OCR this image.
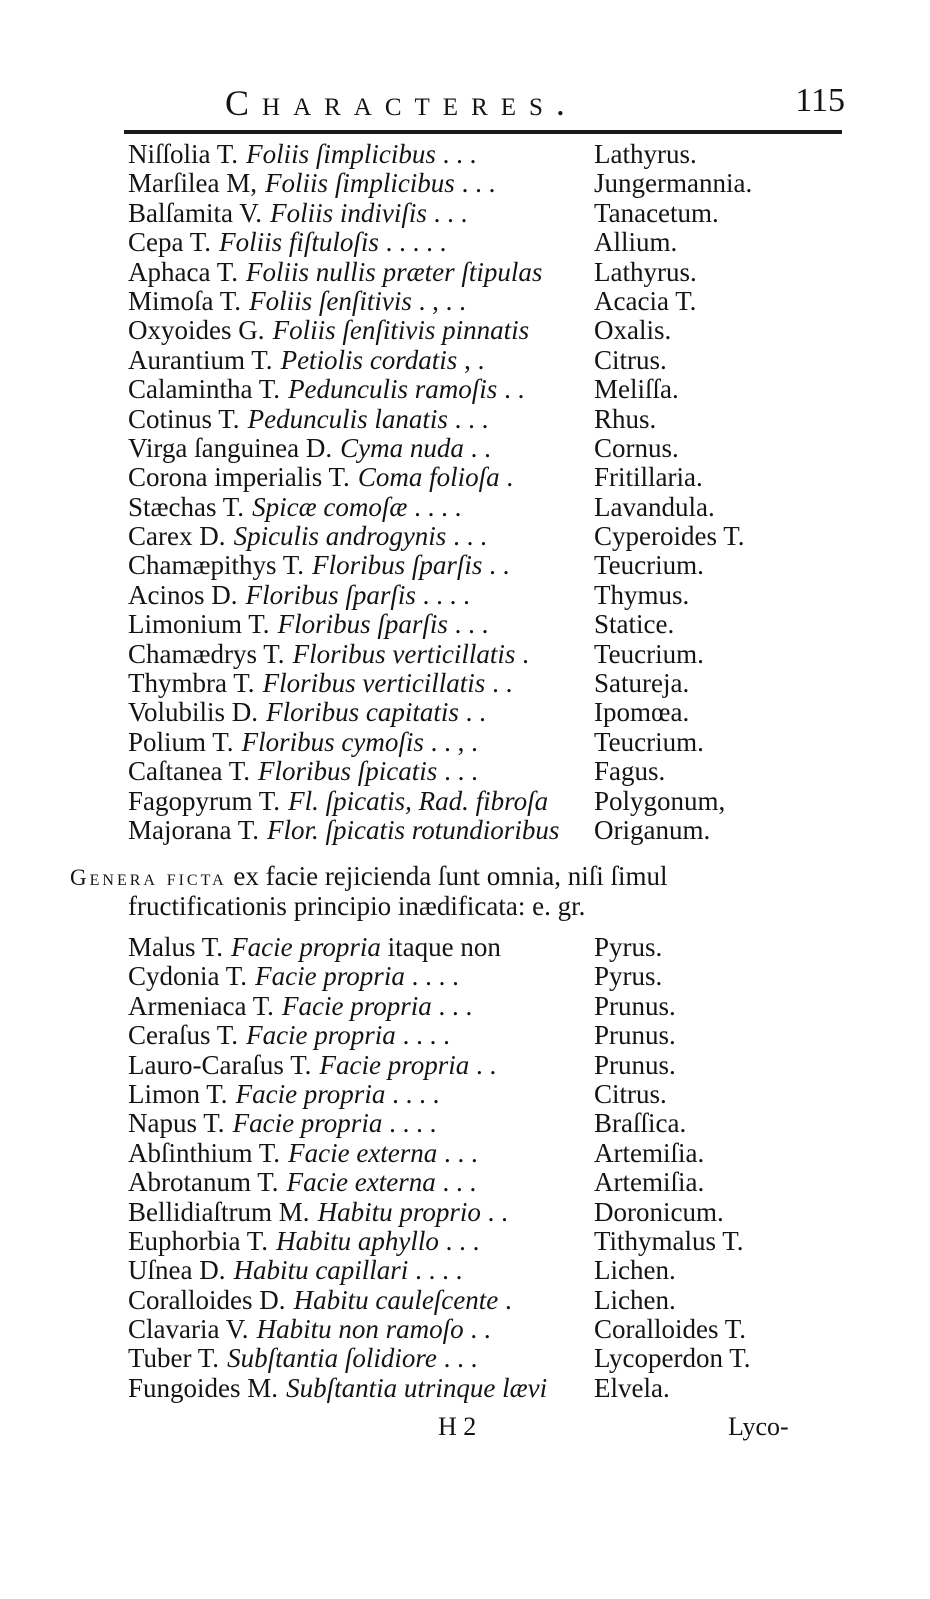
Characteres.	115
Niſſolia T. Foliis ſimplicibus . . .	Lathyrus.
Marſilea M, Foliis ſimplicibus . . .	Jungermannia.
Balſamita V. Foliis indiviſis . . .	Tanacetum.
Cepa T. Foliis fiſtuloſis . . . . .	Allium.
Aphaca T. Foliis nullis præter ſtipulas Lathyrus.
Mimoſa T. Foliis ſenſitivis . , . .	Acacia T.
Oxyoides G. Foliis ſenſitivis pinnatis Oxalis.
Aurantium T. Petiolis cordatis , .	Citrus.
Calamintha T. Pedunculis ramoſis . .	Meliſſa.
Cotinus T. Pedunculis lanatis . . .	Rhus.
Virga ſanguinea D. Cyma nuda . .	Cornus.
Corona imperialis T. Coma folioſa .	Fritillaria.
Stæchas T. Spicæ comoſæ . . . .	Lavandula.
Carex D. Spiculis androgynis . . .	Cyperoides T.
Chamæpithys T. Floribus ſparſis . .	Teucrium.
Acinos D. Floribus ſparſis . . . .	Thymus.
Limonium T. Floribus ſparſis . . .	Statice.
Chamædrys T. Floribus verticillatis . Teucrium.
Thymbra T. Floribus verticillatis . .	Satureja.
Volubilis D. Floribus capitatis . .	Ipomœa.
Polium T. Floribus cymoſis . . , .	Teucrium.
Caſtanea T. Floribus ſpicatis . . .	Fagus.
Fagopyrum T. Fl. ſpicatis, Rad. fibroſa Polygonum,
Majorana T. Flor. ſpicatis rotundioribus Origanum.
Genera ficta ex facie rejicienda ſunt omnia, niſi ſimul
fructificationis principio inædificata: e. gr.
Malus T. Facie propria itaque non	Pyrus.
Cydonia T. Facie propria . . . .	Pyrus.
Armeniaca T. Facie propria . . .	Prunus.
Ceraſus T. Facie propria . . . .	Prunus.
Lauro-Caraſus T. Facie propria . .	Prunus.
Limon T. Facie propria . . . .	Citrus.
Napus T. Facie propria . . . .	Braſſica.
Abſinthium T. Facie externa . . .	Artemiſia.
Abrotanum T. Facie externa . . .	Artemiſia.
Bellidiaſtrum M. Habitu proprio . .	Doronicum.
Euphorbia T. Habitu aphyllo . . .	Tithymalus T.
Uſnea D. Habitu capillari . . . .	Lichen.
Coralloides D. Habitu cauleſcente .	Lichen.
Clavaria V. Habitu non ramoſo . .	Coralloides T.
Tuber T. Subſtantia ſolidiore . . .	Lycoperdon T.
Fungoides M. Subſtantia utrinque lævi Elvela.
H 2	Lyco-
